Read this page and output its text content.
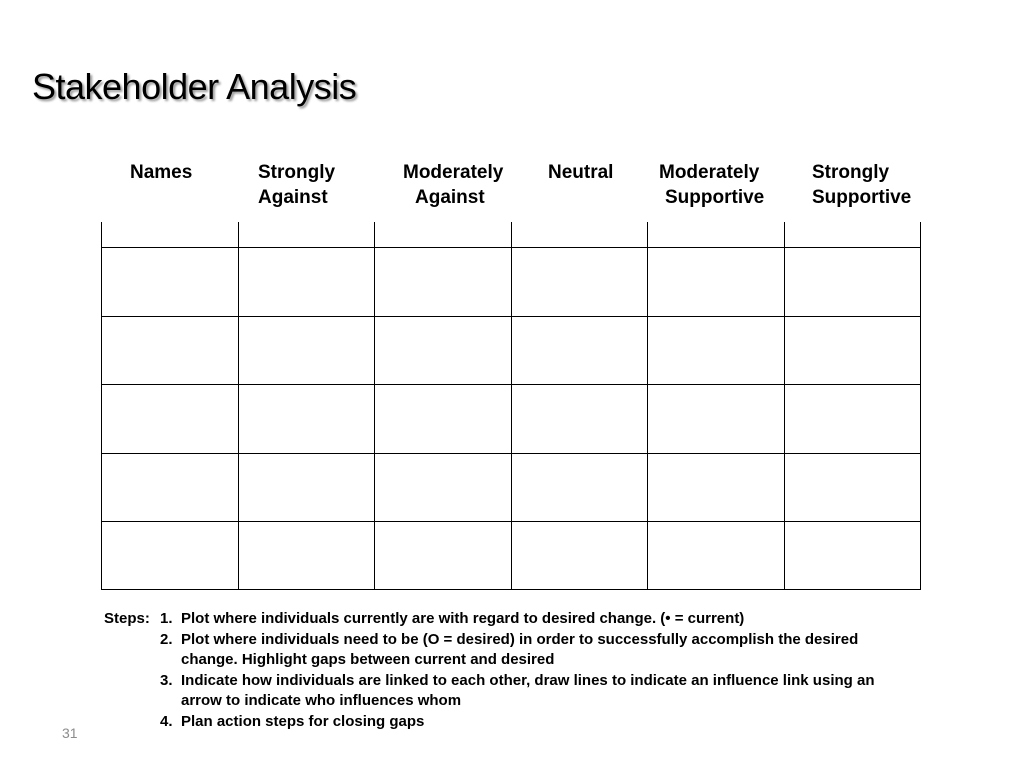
Stakeholder Analysis
Names	Strongly
Against
Moderately
Against
Neutral Moderately
Supportive
Strongly
Supportive
Steps: 1. Plot where individuals currently are with regard to desired change. (• = current)
2. Plot where individuals need to be (O = desired) in order to successfully accomplish the desired change. Highlight gaps between current and desired
3. Indicate how individuals are linked to each other, draw lines to indicate an influence link using an arrow to indicate who influences whom
4. Plan action steps for closing gaps
31
